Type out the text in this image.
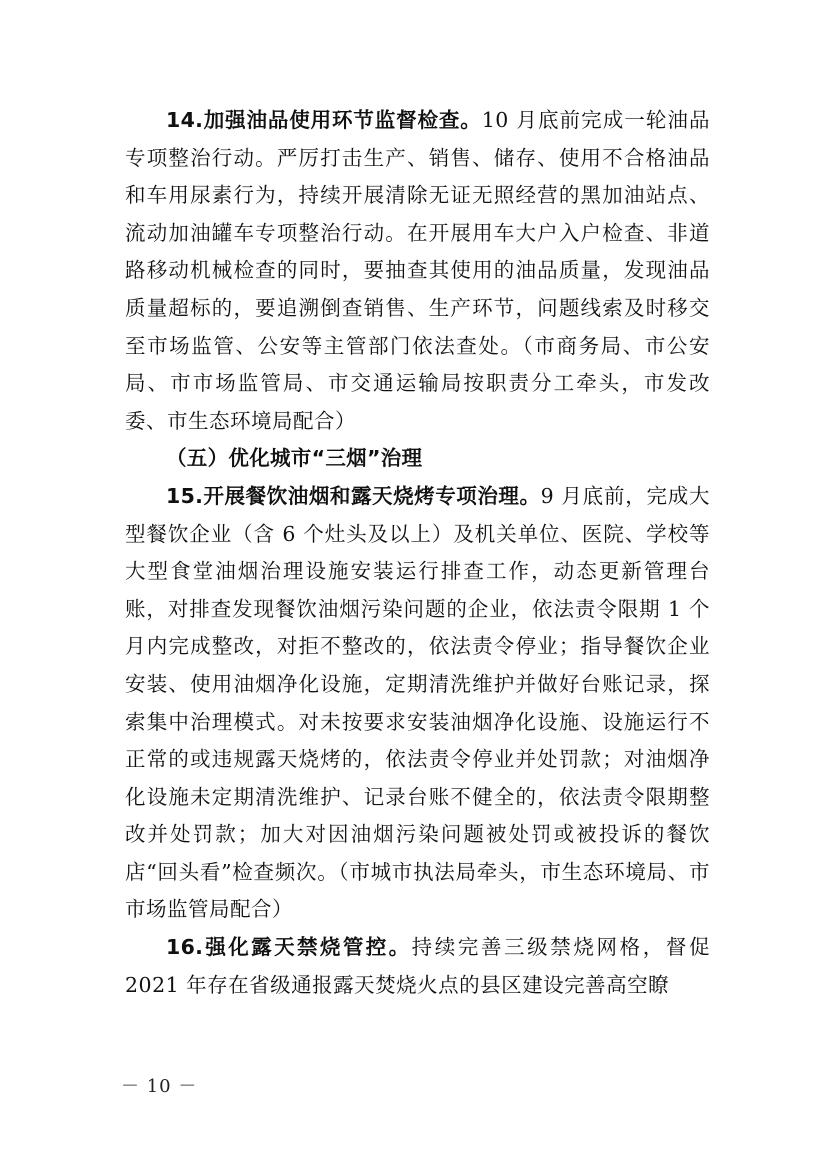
14.加强油品使用环节监督检查。10 月底前完成一轮油品专项整治行动。严厉打击生产、销售、储存、使用不合格油品和车用尿素行为，持续开展清除无证无照经营的黑加油站点、流动加油罐车专项整治行动。在开展用车大户入户检查、非道路移动机械检查的同时，要抽查其使用的油品质量，发现油品质量超标的，要追溯倒查销售、生产环节，问题线索及时移交至市场监管、公安等主管部门依法查处。（市商务局、市公安局、市市场监管局、市交通运输局按职责分工牵头，市发改委、市生态环境局配合）

（五）优化城市“三烟”治理

15.开展餐饮油烟和露天烧烤专项治理。9 月底前，完成大型餐饮企业（含 6 个灶头及以上）及机关单位、医院、学校等大型食堂油烟治理设施安装运行排查工作，动态更新管理台账，对排查发现餐饮油烟污染问题的企业，依法责令限期 1 个月内完成整改，对拒不整改的，依法责令停业；指导餐饮企业安装、使用油烟净化设施，定期清洗维护并做好台账记录，探索集中治理模式。对未按要求安装油烟净化设施、设施运行不正常的或违规露天烧烤的，依法责令停业并处罚款；对油烟净化设施未定期清洗维护、记录台账不健全的，依法责令限期整改并处罚款；加大对因油烟污染问题被处罚或被投诉的餐饮店“回头看”检查频次。（市城市执法局牵头，市生态环境局、市市场监管局配合）

16.强化露天禁烧管控。持续完善三级禁烧网格，督促 2021 年存在省级通报露天焚烧火点的县区建设完善高空瞭

－ 10 －
